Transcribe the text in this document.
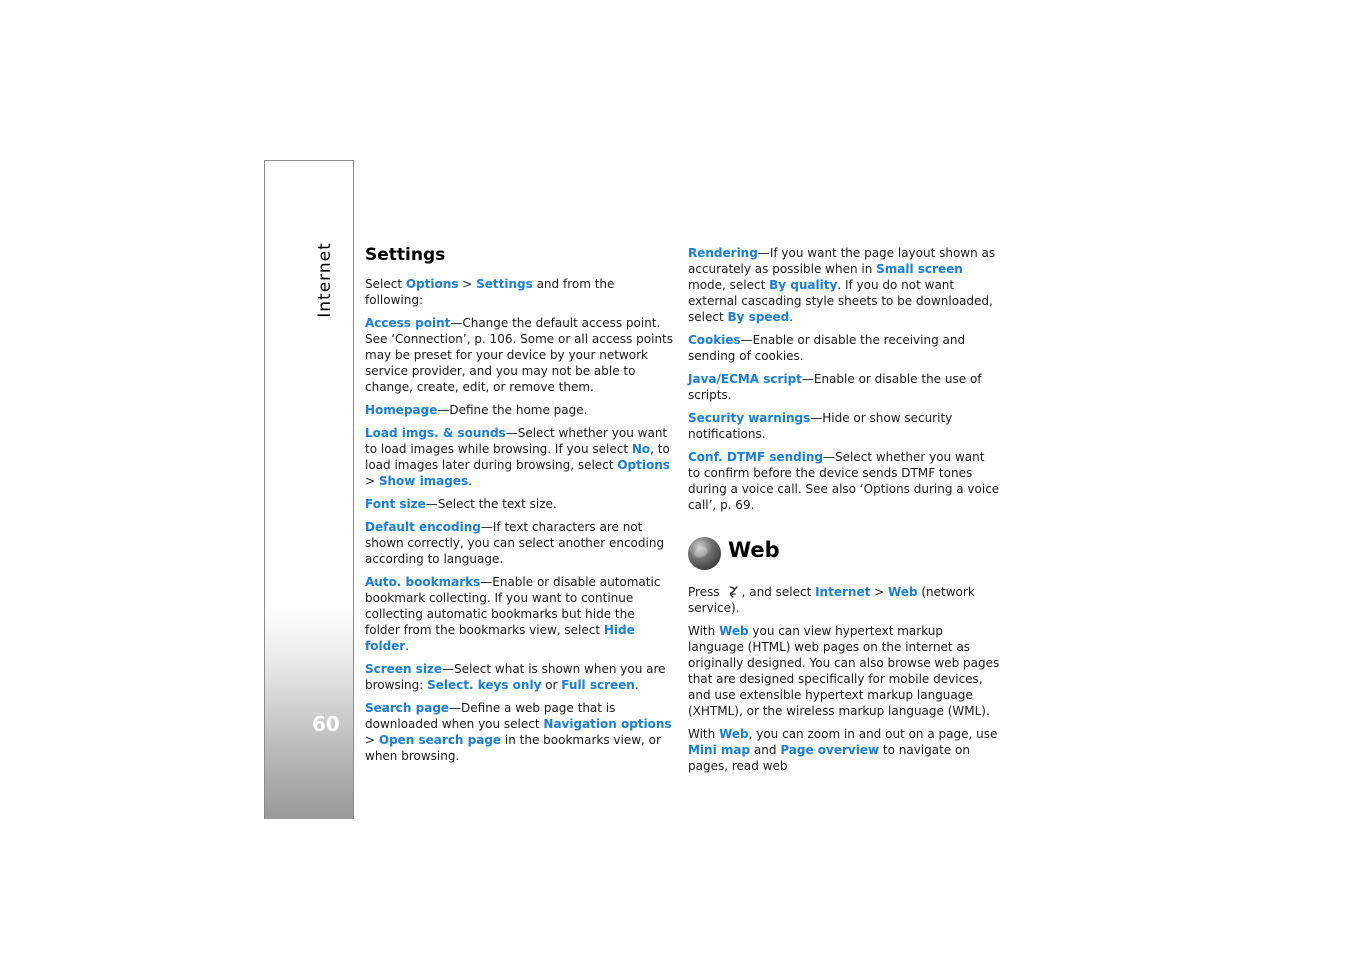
Internet
60
Settings

Select Options > Settings and from the following:

Access point—Change the default access point. See ‘Connection’, p. 106. Some or all access points may be preset for your device by your network service provider, and you may not be able to change, create, edit, or remove them.

Homepage—Define the home page.

Load imgs. & sounds—Select whether you want to load images while browsing. If you select No, to load images later during browsing, select Options > Show images.

Font size—Select the text size.

Default encoding—If text characters are not shown correctly, you can select another encoding according to language.

Auto. bookmarks—Enable or disable automatic bookmark collecting. If you want to continue collecting automatic bookmarks but hide the folder from the bookmarks view, select Hide folder.

Screen size—Select what is shown when you are browsing: Select. keys only or Full screen.

Search page—Define a web page that is downloaded when you select Navigation options > Open search page in the bookmarks view, or when browsing.

Rendering—If you want the page layout shown as accurately as possible when in Small screen mode, select By quality. If you do not want external cascading style sheets to be downloaded, select By speed.

Cookies—Enable or disable the receiving and sending of cookies.

Java/ECMA script—Enable or disable the use of scripts.

Security warnings—Hide or show security notifications.

Conf. DTMF sending—Select whether you want to confirm before the device sends DTMF tones during a voice call. See also ‘Options during a voice call’, p. 69.

Web

Press , and select Internet > Web (network service).

With Web you can view hypertext markup language (HTML) web pages on the internet as originally designed. You can also browse web pages that are designed specifically for mobile devices, and use extensible hypertext markup language (XHTML), or the wireless markup language (WML).

With Web, you can zoom in and out on a page, use Mini map and Page overview to navigate on pages, read web
